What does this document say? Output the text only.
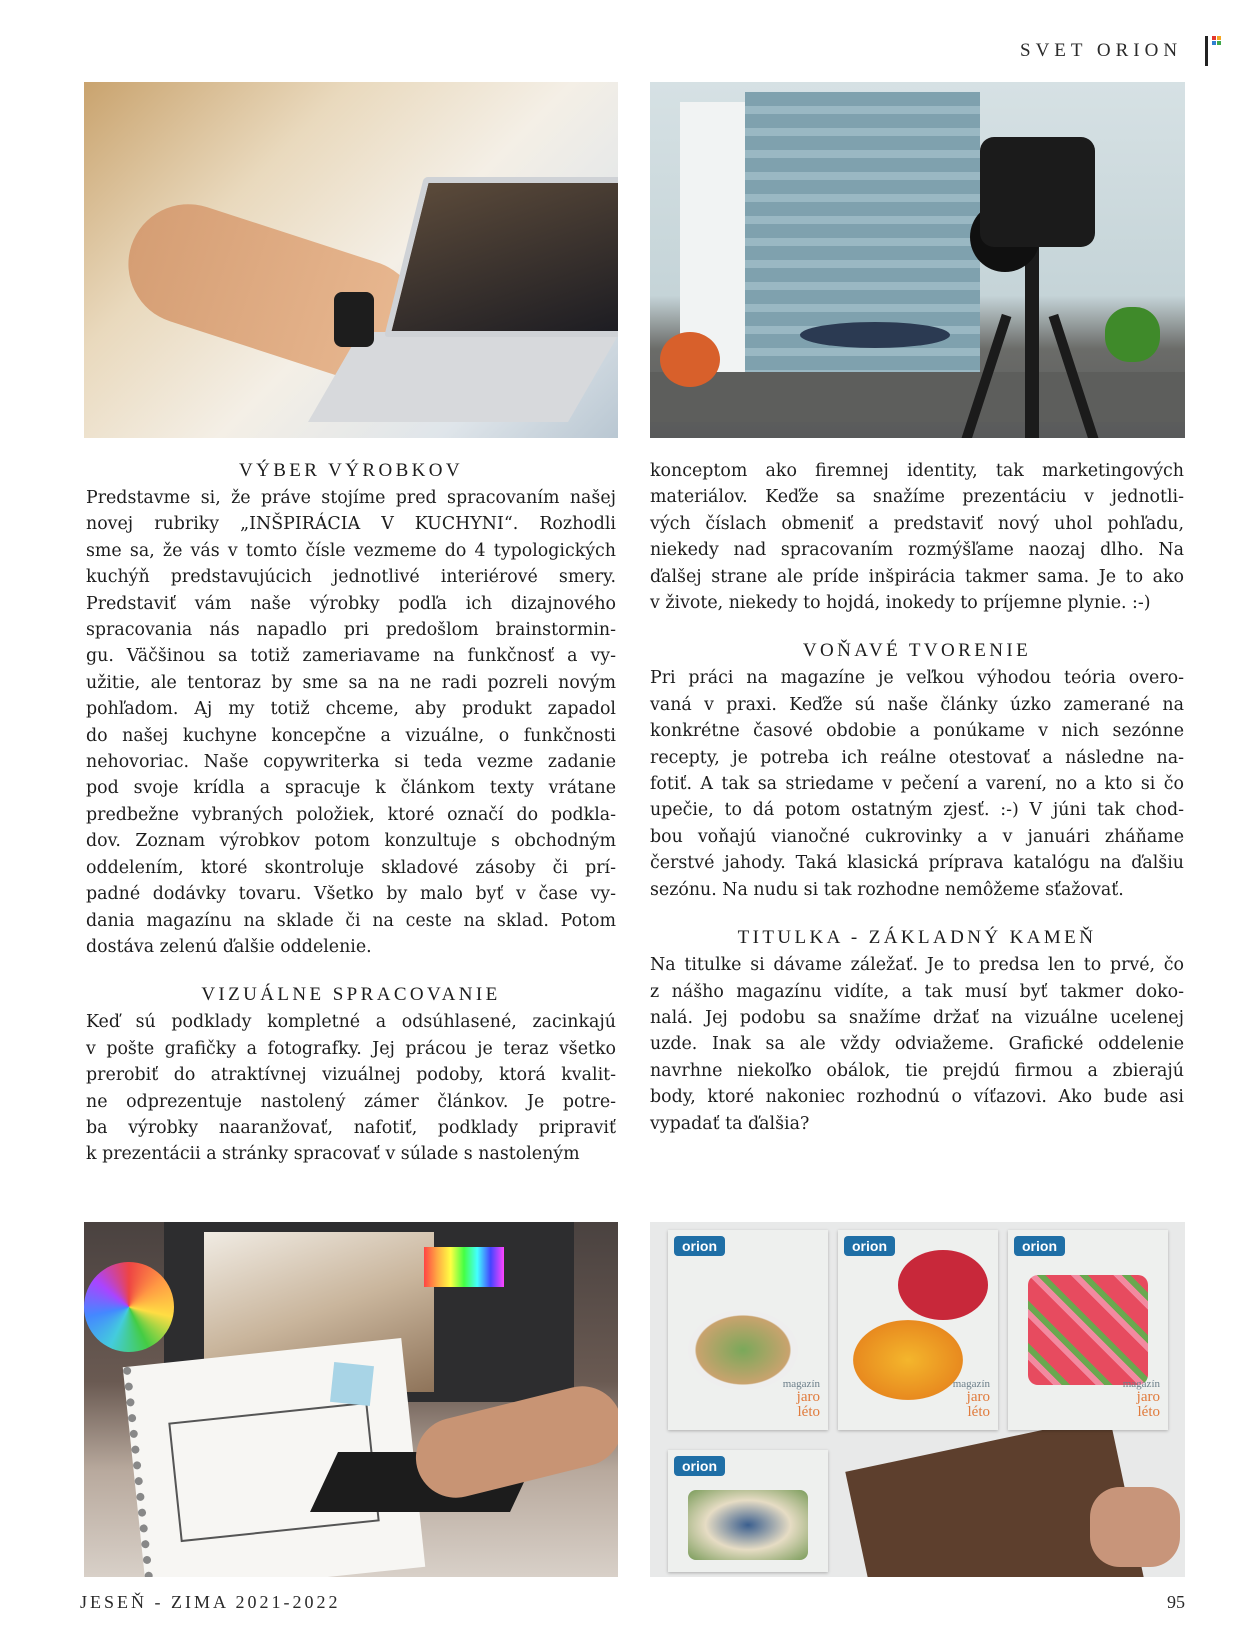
SVET ORION
VÝBER VÝROBKOV

Predstavme si, že práve stojíme pred spracovaním našej

novej rubriky „INŠPIRÁCIA V KUCHYNI“. Rozhodli

sme sa, že vás v tomto čísle vezmeme do 4 typologických

kuchýň predstavujúcich jednotlivé interiérové smery.

Predstaviť vám naše výrobky podľa ich dizajnového

spracovania nás napadlo pri predošlom brainstormin-

gu. Väčšinou sa totiž zameriavame na funkčnosť a vy-

užitie, ale tentoraz by sme sa na ne radi pozreli novým

pohľadom. Aj my totiž chceme, aby produkt zapadol

do našej kuchyne koncepčne a vizuálne, o funkčnosti

nehovoriac. Naše copywriterka si teda vezme zadanie

pod svoje krídla a spracuje k článkom texty vrátane

predbežne vybraných položiek, ktoré označí do podkla-

dov. Zoznam výrobkov potom konzultuje s obchodným

oddelením, ktoré skontroluje skladové zásoby či prí-

padné dodávky tovaru. Všetko by malo byť v čase vy-

dania magazínu na sklade či na ceste na sklad. Potom

dostáva zelenú ďalšie oddelenie.

VIZUÁLNE SPRACOVANIE

Keď sú podklady kompletné a odsúhlasené, zacinkajú

v pošte grafičky a fotografky. Jej prácou je teraz všetko

prerobiť do atraktívnej vizuálnej podoby, ktorá kvalit-

ne odprezentuje nastolený zámer článkov. Je potre-

ba výrobky naaranžovať, nafotiť, podklady pripraviť

k prezentácii a stránky spracovať v súlade s nastoleným

konceptom ako firemnej identity, tak marketingových

materiálov. Keďže sa snažíme prezentáciu v jednotli-

vých číslach obmeniť a predstaviť nový uhol pohľadu,

niekedy nad spracovaním rozmýšľame naozaj dlho. Na

ďalšej strane ale príde inšpirácia takmer sama. Je to ako

v živote, niekedy to hojdá, inokedy to príjemne plynie. :-)

VOŇAVÉ TVORENIE

Pri práci na magazíne je veľkou výhodou teória overo-

vaná v praxi. Keďže sú naše články úzko zamerané na

konkrétne časové obdobie a ponúkame v nich sezónne

recepty, je potreba ich reálne otestovať a následne na-

fotiť. A tak sa striedame v pečení a varení, no a kto si čo

upečie, to dá potom ostatným zjesť. :-) V júni tak chod-

bou voňajú vianočné cukrovinky a v januári zháňame

čerstvé jahody. Taká klasická príprava katalógu na ďalšiu

sezónu. Na nudu si tak rozhodne nemôžeme sťažovať.

TITULKA - ZÁKLADNÝ KAMEŇ

Na titulke si dávame záležať. Je to predsa len to prvé, čo

z nášho magazínu vidíte, a tak musí byť takmer doko-

nalá. Jej podobu sa snažíme držať na vizuálne ucelenej

uzde. Inak sa ale vždy odviažeme. Grafické oddelenie

navrhne niekoľko obálok, tie prejdú firmou a zbierajú

body, ktoré nakoniec rozhodnú o víťazovi. Ako bude asi

vypadať ta ďalšia?

orion
magazín
jaro
léto
orion
magazín
jaro
léto
orion
magazín
jaro
léto
orion
JESEŇ - ZIMA 2021-2022	95
